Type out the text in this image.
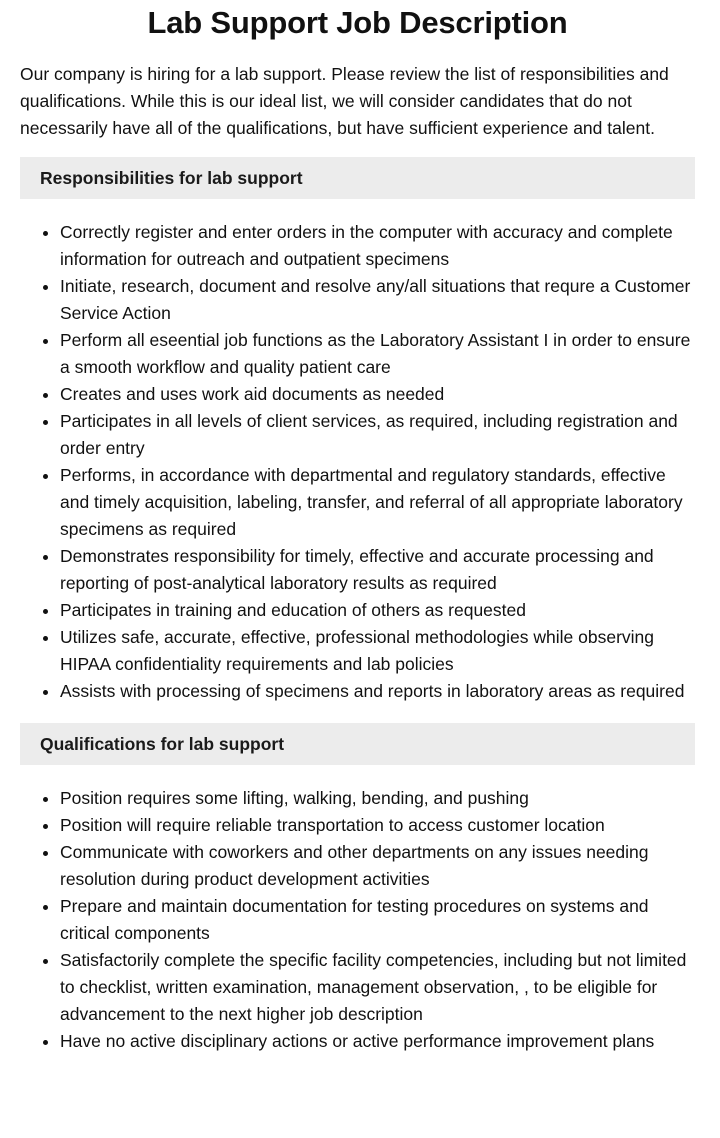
Lab Support Job Description

Our company is hiring for a lab support. Please review the list of responsibilities and qualifications. While this is our ideal list, we will consider candidates that do not necessarily have all of the qualifications, but have sufficient experience and talent.

Responsibilities for lab support
• Correctly register and enter orders in the computer with accuracy and complete information for outreach and outpatient specimens
• Initiate, research, document and resolve any/all situations that requre a Customer Service Action
• Perform all eseential job functions as the Laboratory Assistant I in order to ensure a smooth workflow and quality patient care
• Creates and uses work aid documents as needed
• Participates in all levels of client services, as required, including registration and order entry
• Performs, in accordance with departmental and regulatory standards, effective and timely acquisition, labeling, transfer, and referral of all appropriate laboratory specimens as required
• Demonstrates responsibility for timely, effective and accurate processing and reporting of post-analytical laboratory results as required
• Participates in training and education of others as requested
• Utilizes safe, accurate, effective, professional methodologies while observing HIPAA confidentiality requirements and lab policies
• Assists with processing of specimens and reports in laboratory areas as required
Qualifications for lab support
• Position requires some lifting, walking, bending, and pushing
• Position will require reliable transportation to access customer location
• Communicate with coworkers and other departments on any issues needing resolution during product development activities
• Prepare and maintain documentation for testing procedures on systems and critical components
• Satisfactorily complete the specific facility competencies, including but not limited to checklist, written examination, management observation, , to be eligible for advancement to the next higher job description
• Have no active disciplinary actions or active performance improvement plans
